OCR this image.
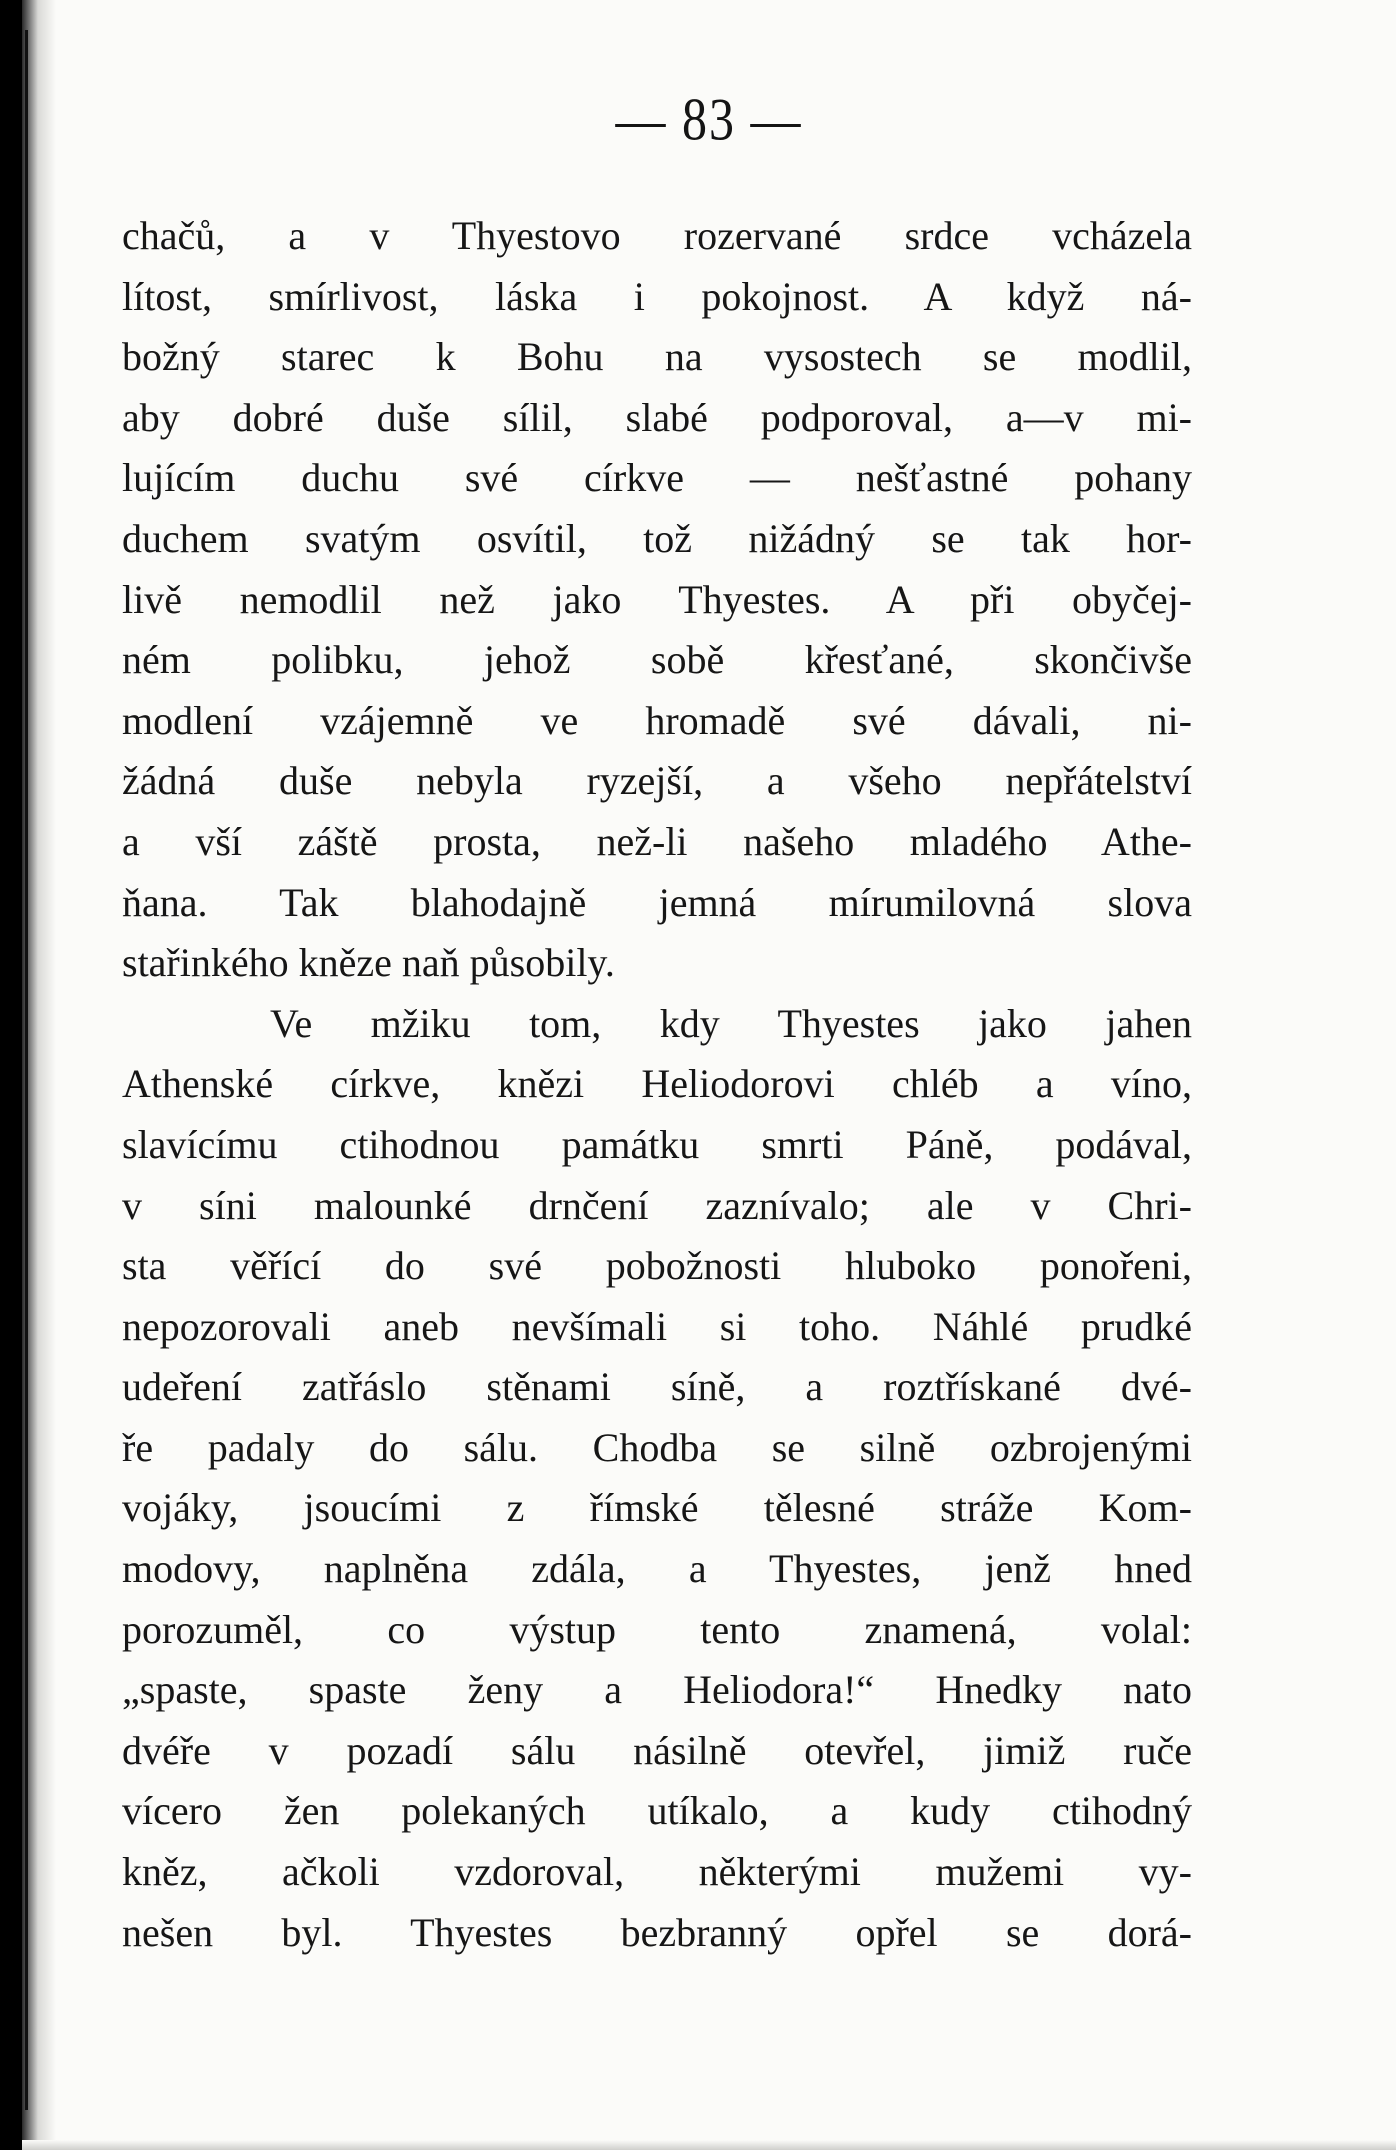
— 83 —
chačů, a v Thyestovo rozervané srdce vcházela
lítost, smírlivost, láska i pokojnost. A když ná-
božný starec k Bohu na vysostech se modlil,
aby dobré duše sílil, slabé podporoval, a—v mi-
lujícím duchu své církve — nešťastné pohany
duchem svatým osvítil, tož nižádný se tak hor-
livě nemodlil než jako Thyestes. A při obyčej-
ném polibku, jehož sobě křesťané, skončivše
modlení vzájemně ve hromadě své dávali, ni-
žádná duše nebyla ryzejší, a všeho nepřátelství
a vší záště prosta, než-li našeho mladého Athe-
ňana. Tak blahodajně jemná mírumilovná slova
stařinkého kněze naň působily.
Ve mžiku tom, kdy Thyestes jako jahen
Athenské církve, knězi Heliodorovi chléb a víno,
slavícímu ctihodnou památku smrti Páně, podával,
v síni malounké drnčení zaznívalo; ale v Chri-
sta věřící do své pobožnosti hluboko ponořeni,
nepozorovali aneb nevšímali si toho. Náhlé prudké
udeření zatřáslo stěnami síně, a roztřískané dvé-
ře padaly do sálu. Chodba se silně ozbrojenými
vojáky, jsoucími z římské tělesné stráže Kom-
modovy, naplněna zdála, a Thyestes, jenž hned
porozuměl, co výstup tento znamená, volal:
„spaste, spaste ženy a Heliodora!“ Hnedky nato
dvéře v pozadí sálu násilně otevřel, jimiž ruče
vícero žen polekaných utíkalo, a kudy ctihodný
kněz, ačkoli vzdoroval, některými mužemi vy-
nešen byl. Thyestes bezbranný opřel se dorá-
